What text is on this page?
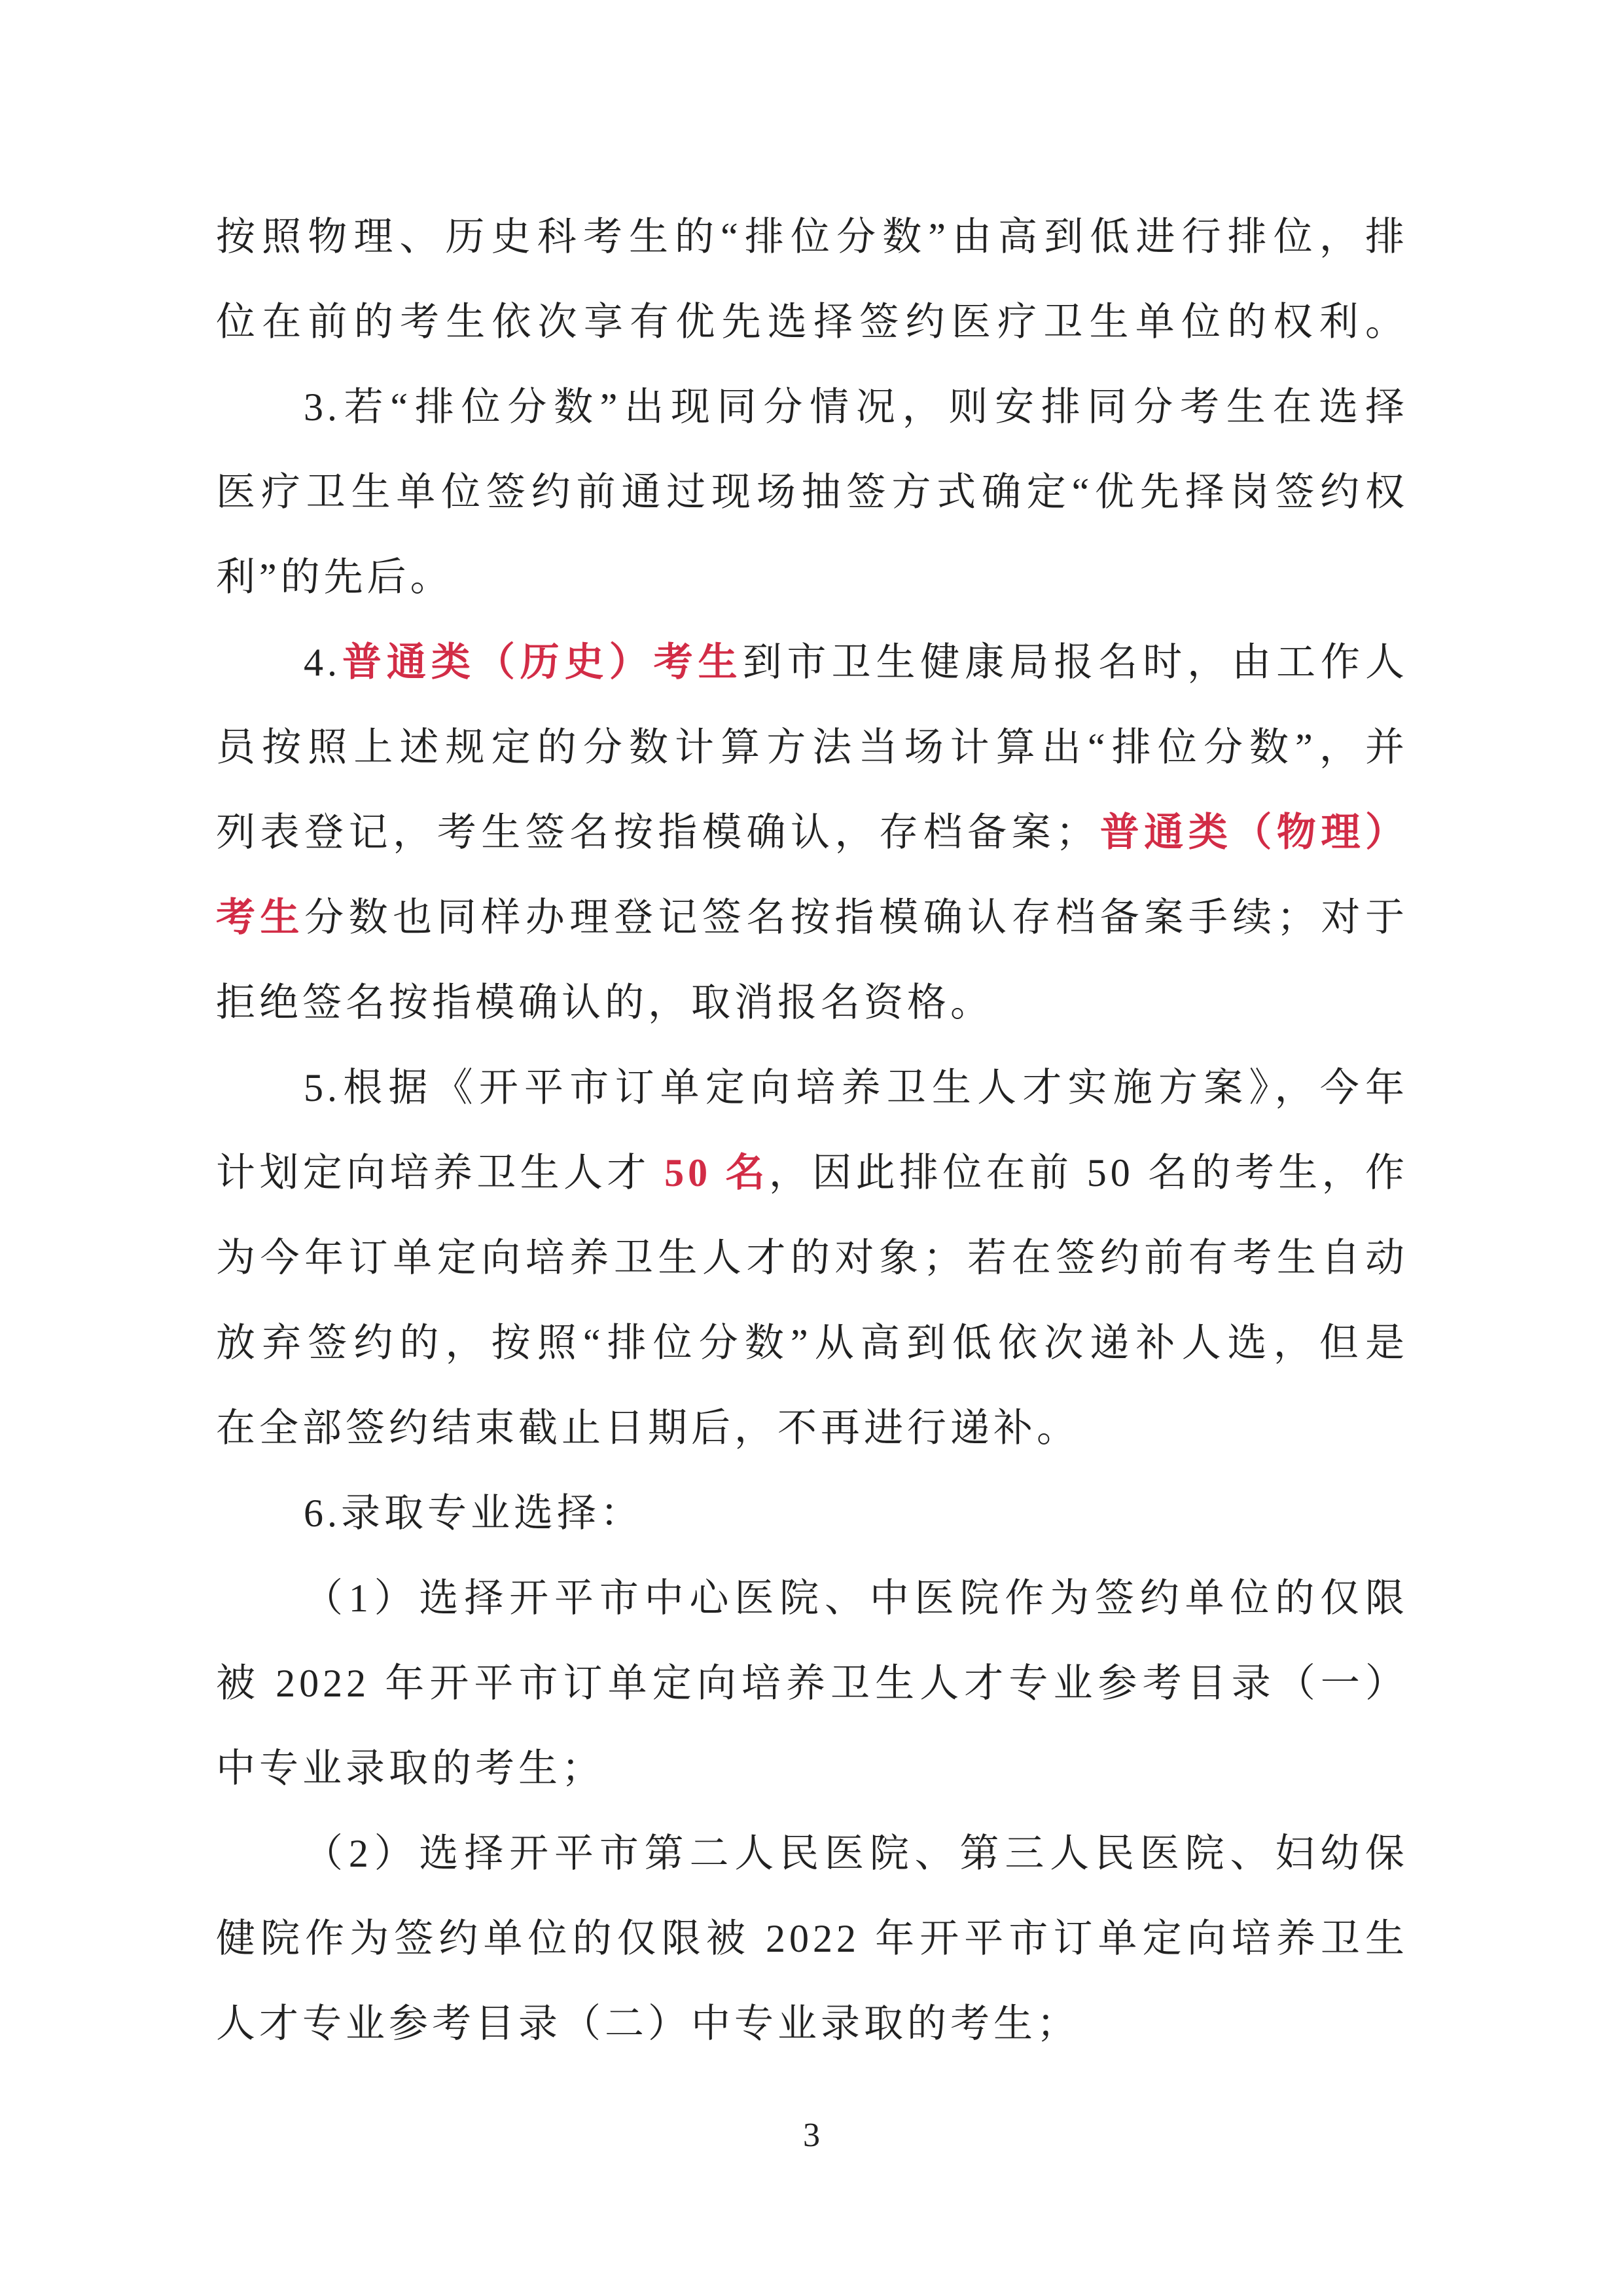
按照物理、历史科考生的“排位分数”由高到低进行排位，排
位在前的考生依次享有优先选择签约医疗卫生单位的权利。
3.若“排位分数”出现同分情况，则安排同分考生在选择
医疗卫生单位签约前通过现场抽签方式确定“优先择岗签约权
利”的先后。
4.普通类（历史）考生到市卫生健康局报名时，由工作人
员按照上述规定的分数计算方法当场计算出“排位分数”，并
列表登记，考生签名按指模确认，存档备案；普通类（物理）
考生分数也同样办理登记签名按指模确认存档备案手续；对于
拒绝签名按指模确认的，取消报名资格。
5.根据《开平市订单定向培养卫生人才实施方案》，今年
计划定向培养卫生人才 50 名，因此排位在前 50 名的考生，作
为今年订单定向培养卫生人才的对象；若在签约前有考生自动
放弃签约的，按照“排位分数”从高到低依次递补人选，但是
在全部签约结束截止日期后，不再进行递补。
6.录取专业选择：
（1）选择开平市中心医院、中医院作为签约单位的仅限
被 2022 年开平市订单定向培养卫生人才专业参考目录（一）
中专业录取的考生；
（2）选择开平市第二人民医院、第三人民医院、妇幼保
健院作为签约单位的仅限被 2022 年开平市订单定向培养卫生
人才专业参考目录（二）中专业录取的考生；
3
